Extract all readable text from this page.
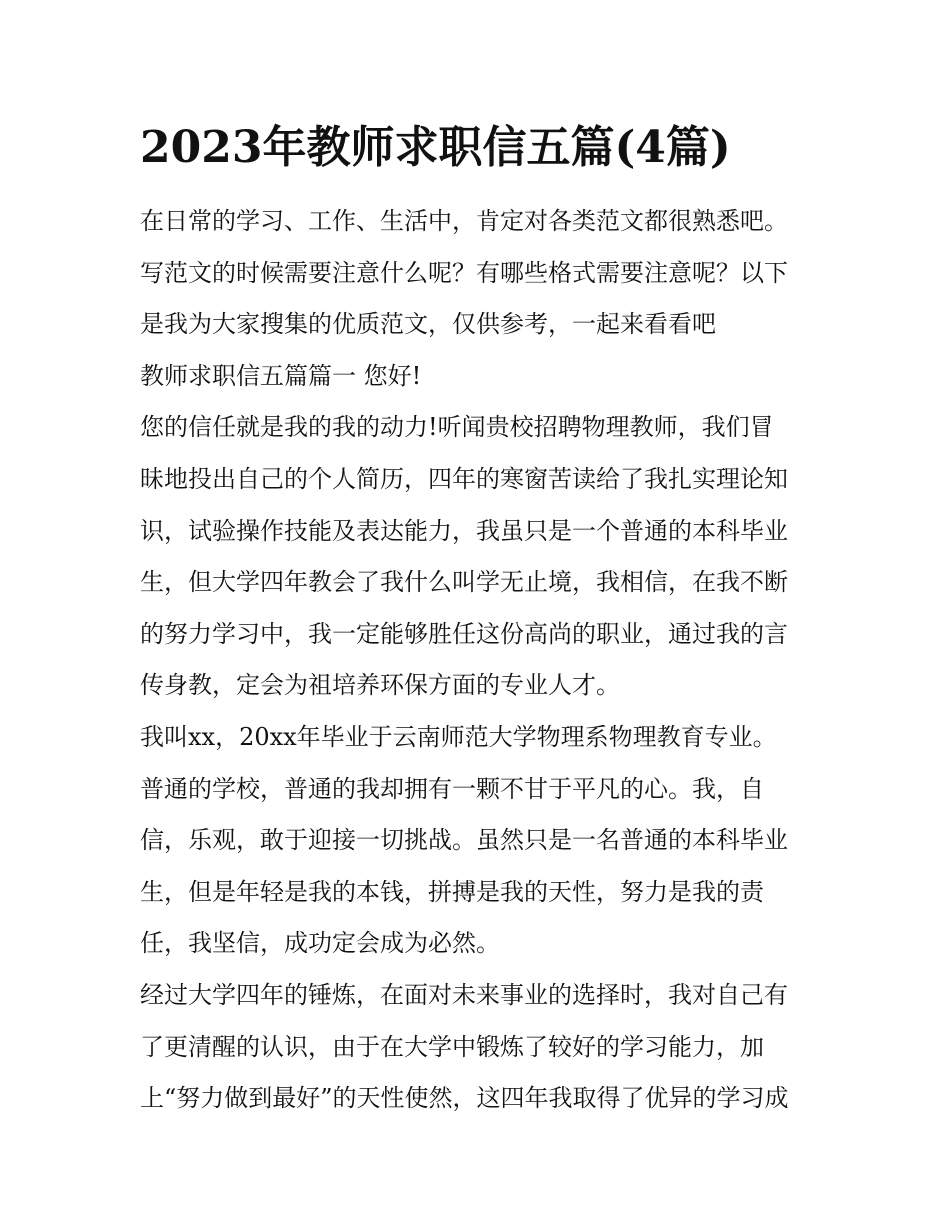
2023年教师求职信五篇(4篇)
在日常的学习、工作、生活中，肯定对各类范文都很熟悉吧。
写范文的时候需要注意什么呢？有哪些格式需要注意呢？以下
是我为大家搜集的优质范文，仅供参考，一起来看看吧
教师求职信五篇篇一 您好!
您的信任就是我的我的动力!听闻贵校招聘物理教师，我们冒
昧地投出自己的个人简历，四年的寒窗苦读给了我扎实理论知
识，试验操作技能及表达能力，我虽只是一个普通的本科毕业
生，但大学四年教会了我什么叫学无止境，我相信，在我不断
的努力学习中，我一定能够胜任这份高尚的职业，通过我的言
传身教，定会为祖培养环保方面的专业人才。
我叫xx，20xx年毕业于云南师范大学物理系物理教育专业。
普通的学校，普通的我却拥有一颗不甘于平凡的心。我，自
信，乐观，敢于迎接一切挑战。虽然只是一名普通的本科毕业
生，但是年轻是我的本钱，拼搏是我的天性，努力是我的责
任，我坚信，成功定会成为必然。
经过大学四年的锤炼，在面对未来事业的选择时，我对自己有
了更清醒的认识，由于在大学中锻炼了较好的学习能力，加
上“努力做到最好”的天性使然，这四年我取得了优异的学习成
